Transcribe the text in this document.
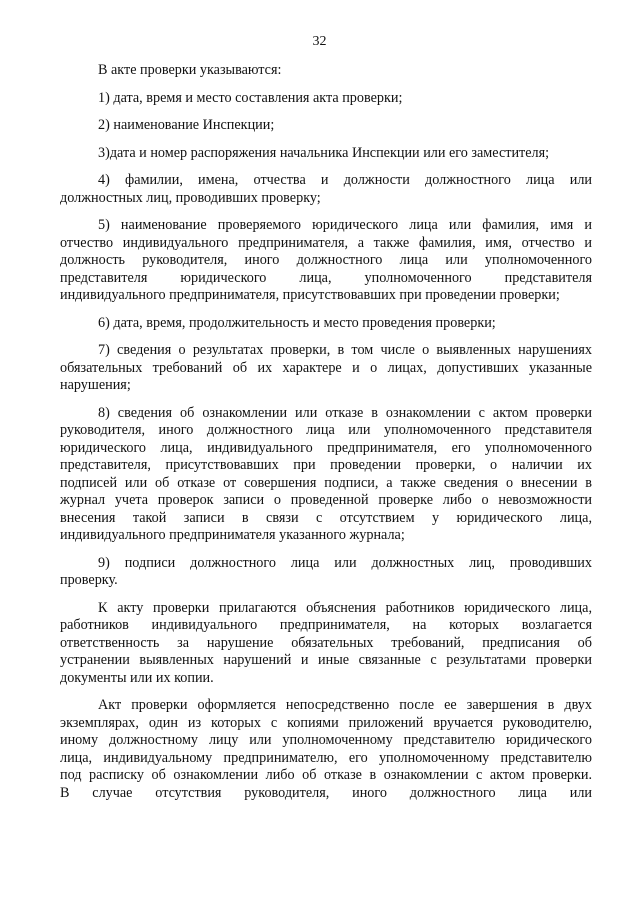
32
В акте проверки указываются:
1) дата, время и место составления акта проверки;
2) наименование Инспекции;
3)дата и номер распоряжения начальника Инспекции или его заместителя;
4) фамилии, имена, отчества и должности должностного лица или
должностных лиц, проводивших проверку;
5) наименование проверяемого юридического лица или фамилия, имя и
отчество индивидуального предпринимателя, а также фамилия, имя, отчество и
должность руководителя, иного должностного лица или уполномоченного
представителя юридического лица, уполномоченного представителя
индивидуального предпринимателя, присутствовавших при проведении проверки;
6) дата, время, продолжительность и место проведения проверки;
7) сведения о результатах проверки, в том числе о выявленных нарушениях
обязательных требований об их характере и о лицах, допустивших указанные
нарушения;
8) сведения об ознакомлении или отказе в ознакомлении с актом проверки
руководителя, иного должностного лица или уполномоченного представителя
юридического лица, индивидуального предпринимателя, его уполномоченного
представителя, присутствовавших при проведении проверки, о наличии их
подписей или об отказе от совершения подписи, а также сведения о внесении в
журнал учета проверок записи о проведенной проверке либо о невозможности
внесения такой записи в связи с отсутствием у юридического лица,
индивидуального предпринимателя указанного журнала;
9) подписи должностного лица или должностных лиц, проводивших
проверку.
К акту проверки прилагаются объяснения работников юридического лица,
работников индивидуального предпринимателя, на которых возлагается
ответственность за нарушение обязательных требований, предписания об
устранении выявленных нарушений и иные связанные с результатами проверки
документы или их копии.
Акт проверки оформляется непосредственно после ее завершения в двух
экземплярах, один из которых с копиями приложений вручается руководителю,
иному должностному лицу или уполномоченному представителю юридического
лица, индивидуальному предпринимателю, его уполномоченному представителю
под расписку об ознакомлении либо об отказе в ознакомлении с актом проверки.
В случае отсутствия руководителя, иного должностного лица или
